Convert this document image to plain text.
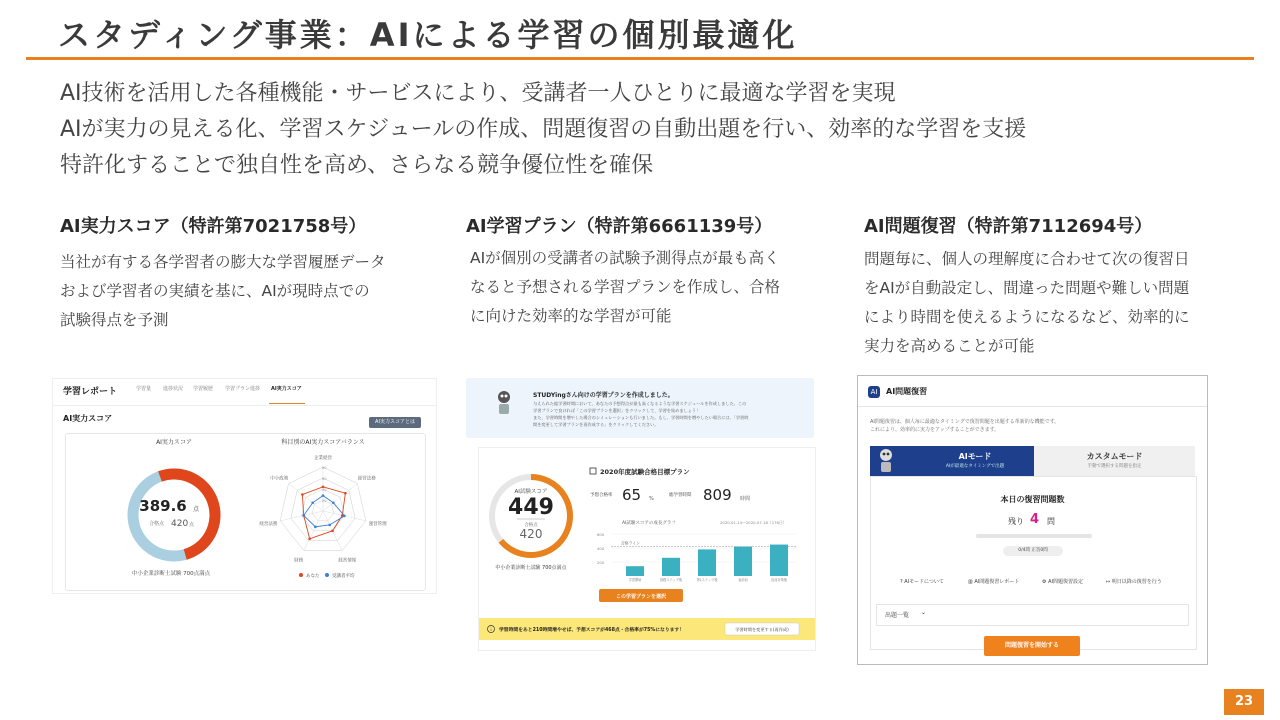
スタディング事業：AIによる学習の個別最適化
AI技術を活用した各種機能・サービスにより、受講者一人ひとりに最適な学習を実現
AIが実力の見える化、学習スケジュールの作成、問題復習の自動出題を行い、効率的な学習を支援
特許化することで独自性を高め、さらなる競争優位性を確保
AI実力スコア（特許第7021758号）
当社が有する各学習者の膨大な学習履歴データ
および学習者の実績を基に、AIが現時点での
試験得点を予測
AI学習プラン（特許第6661139号）
AIが個別の受講者の試験予測得点が最も高く
なると予想される学習プランを作成し、合格
に向けた効率的な学習が可能
AI問題復習（特許第7112694号）
問題毎に、個人の理解度に合わせて次の復習日
をAIが自動設定し、間違った問題や難しい問題
により時間を使えるようになるなど、効率的に
実力を高めることが可能
学習レポート	学習量 進捗状況 学習履歴 学習プラン進捗 AI実力スコア
AI実力スコア	AI実力スコアとは
AI実力スコア
389.6 点
合格点 420 点
中小企業診断士試験 700点満点
科目別のAI実力スコアバランス
企業経営
経営法務
運営管理
経営情報
財務
経営法務
中小政策
80
60
40
20
あなた	受講者平均
STUDYingさん向けの学習プランを作成しました。
与えられた総学習時間において、あなたの予想得点が最も高くなるような学習スケジュールを作成しました。この
学習プランで良ければ「この学習プランを選択」をクリックして、学習を始めましょう！
また、学習時間を増やした場合のシミュレーションも行いました。もし、学習時間を増やしたい場合には、「学習時
間を変更して学習プランを再作成する」をクリックしてください。
AI試験スコア
449
合格点
420
中小企業診断士試験 700点満点
2020年度試験合格目標プラン
予想合格率 65 %
総学習時間 809 時間
AI試験スコアの成長グラフ	2020-01-14～2020-07-18（178日）
600
400
200
合格ライン
学習開始	基礎ステップ後	第1ステップ後	直前前	直前対策後
この学習プランを選択
i 学習時間をあと210時間増やせば、予想スコアが468点・合格率が75%になります！	学習時間を変更する(再作成)
AI	AI問題復習
AI問題復習は、個人毎に最適なタイミングで復習問題を出題する革新的な機能です。
これにより、効率的に実力をアップすることができます。
AIモード
AIが最適なタイミングで出題
カスタムモード
手動で選択する問題を指定
本日の復習問題数
残り 4 問
0/4問 正答0問
? AIモードについて	▥ AI問題復習レポート	⚙ AI問題復習設定	↦ 明日以降の復習を行う
出題一覧 ⌄
問題復習を開始する
23
